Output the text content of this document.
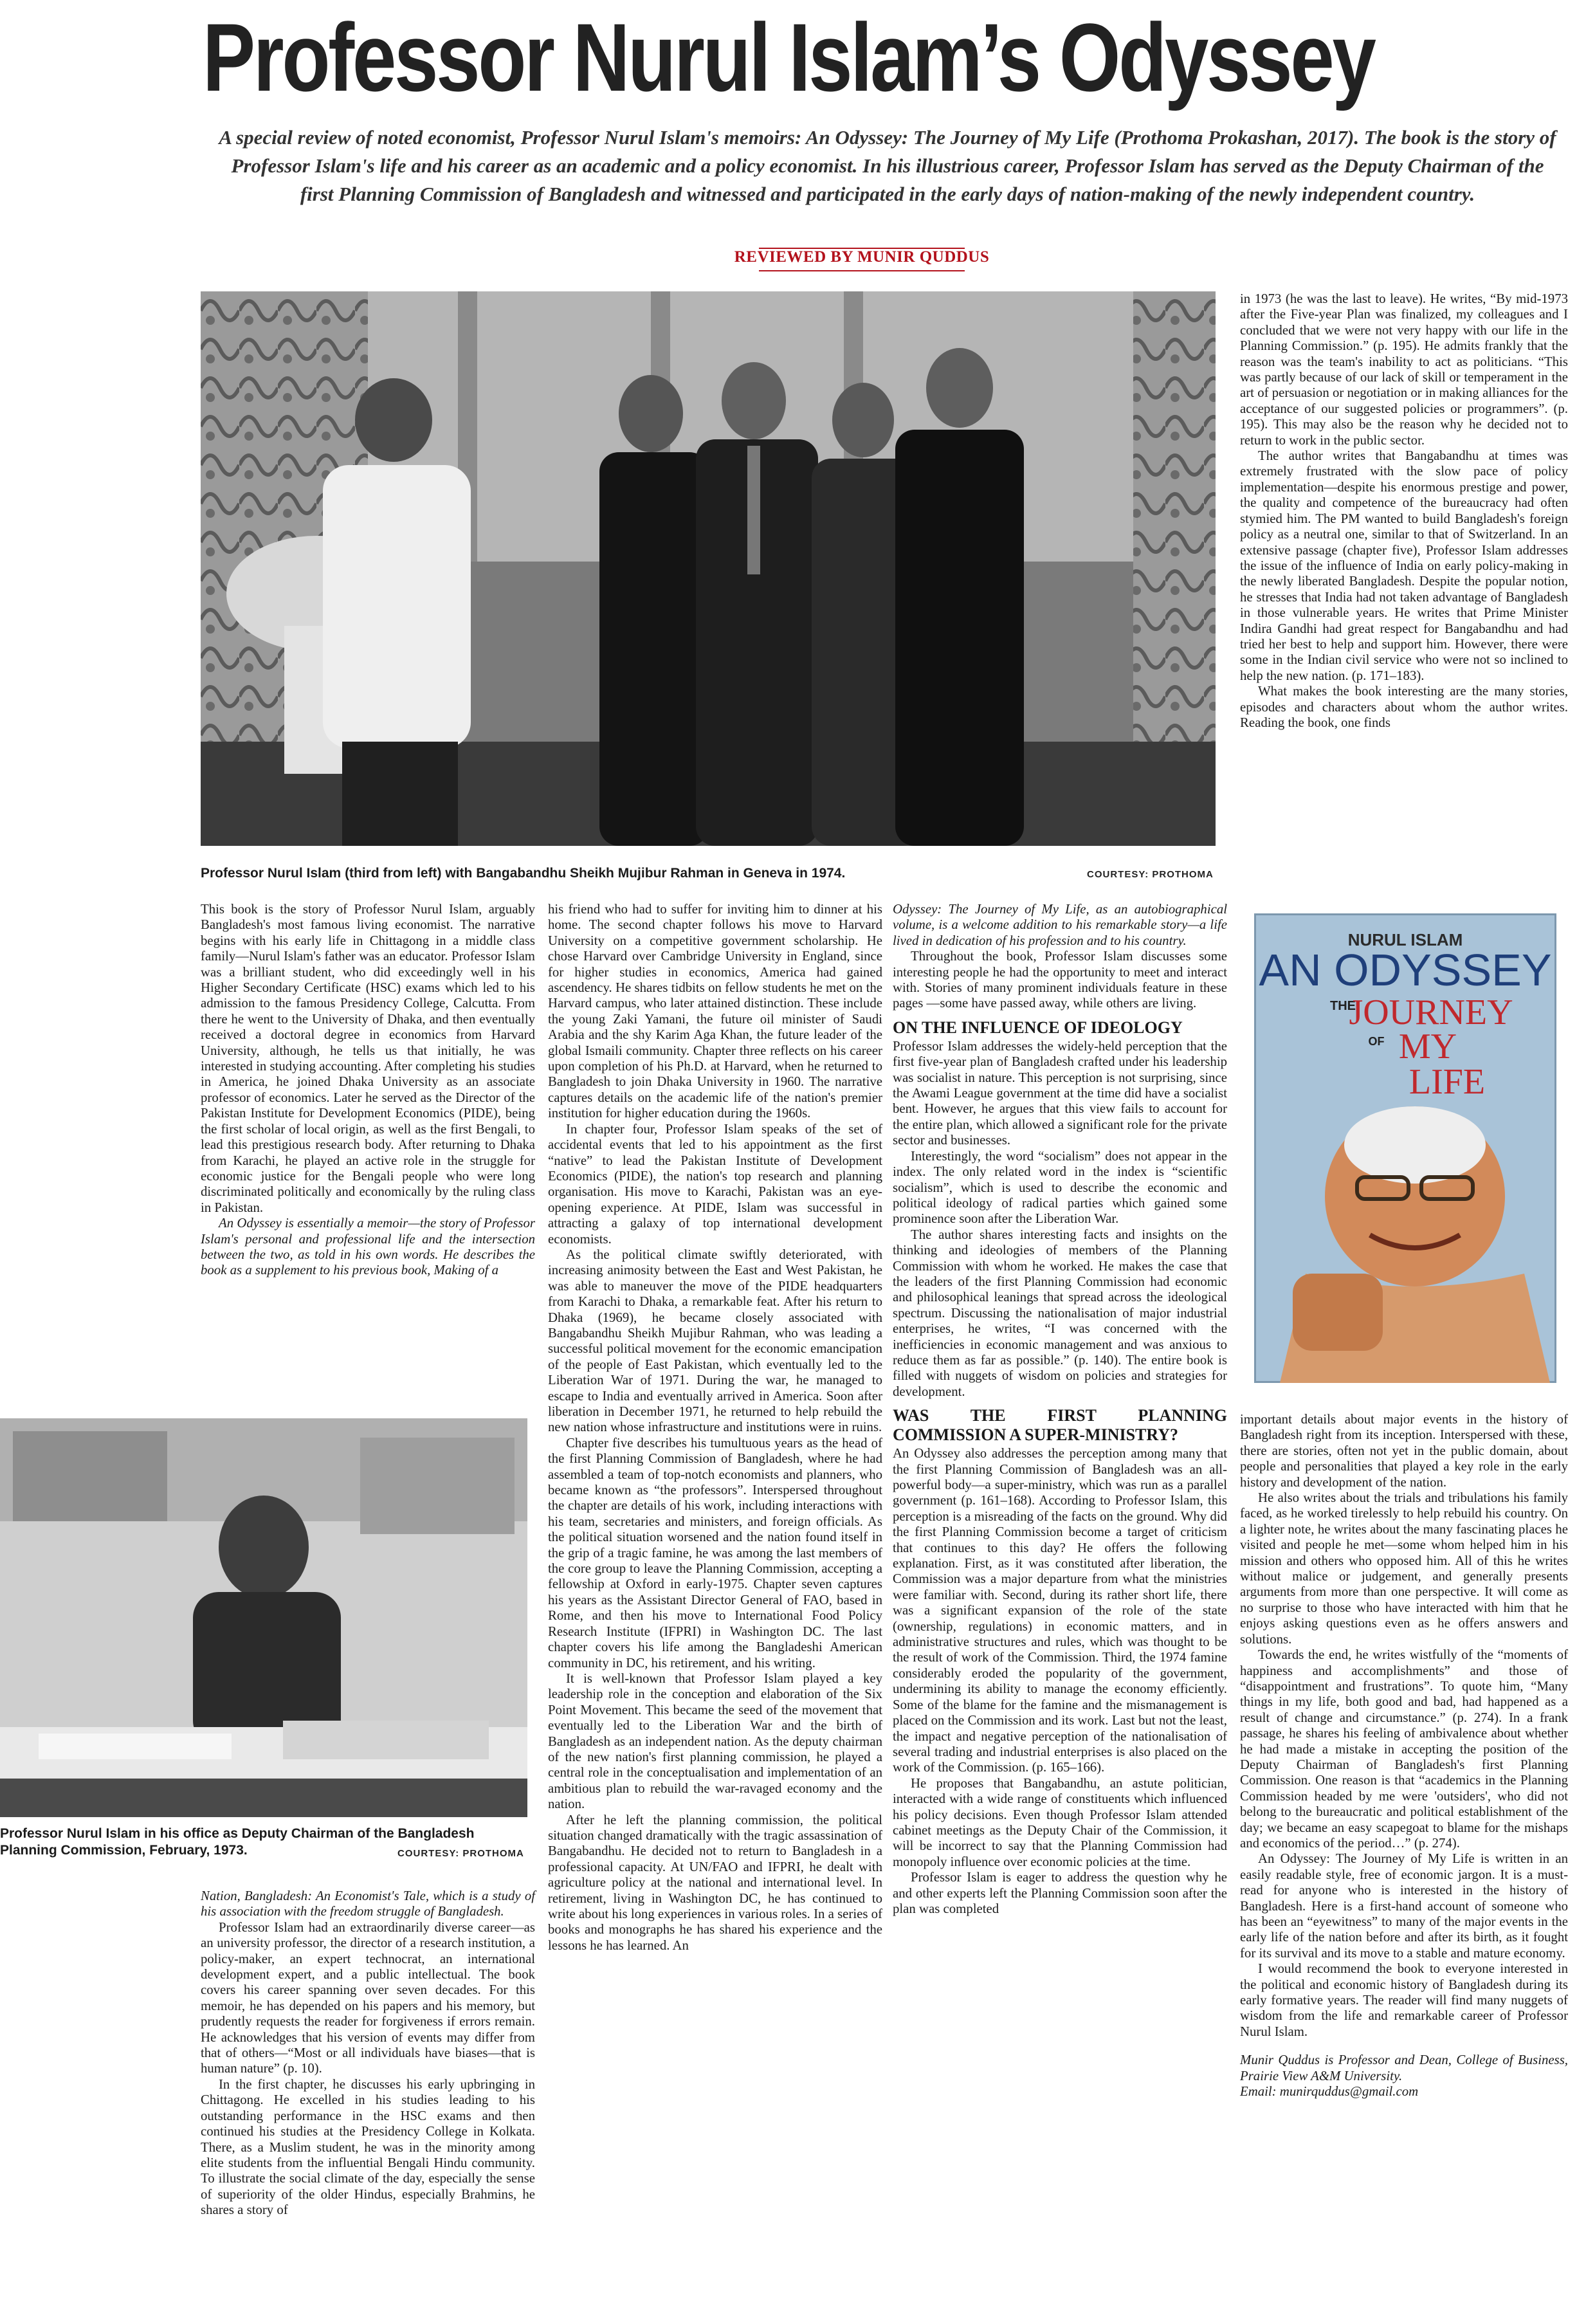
Professor Nurul Islam’s Odyssey
A special review of noted economist, Professor Nurul Islam's memoirs: An Odyssey: The Journey of My Life (Prothoma Prokashan, 2017). The book is the story of Professor Islam's life and his career as an academic and a policy economist. In his illustrious career, Professor Islam has served as the Deputy Chairman of the first Planning Commission of Bangladesh and witnessed and participated in the early days of nation-making of the newly independent country.
REVIEWED BY MUNIR QUDDUS
Professor Nurul Islam (third from left) with Bangabandhu Sheikh Mujibur Rahman in Geneva in 1974.	COURTESY: PROTHOMA

This book is the story of Professor Nurul Islam, arguably Bangladesh's most famous living economist. The narrative begins with his early life in Chittagong in a middle class family—Nurul Islam's father was an educator. Professor Islam was a brilliant student, who did exceedingly well in his Higher Secondary Certificate (HSC) exams which led to his admission to the famous Presidency College, Calcutta. From there he went to the University of Dhaka, and then eventually received a doctoral degree in economics from Harvard University, although, he tells us that initially, he was interested in studying accounting. After completing his studies in America, he joined Dhaka University as an associate professor of economics. Later he served as the Director of the Pakistan Institute for Development Economics (PIDE), being the first scholar of local origin, as well as the first Bengali, to lead this prestigious research body. After returning to Dhaka from Karachi, he played an active role in the struggle for economic justice for the Bengali people who were long discriminated politically and economically by the ruling class in Pakistan.

An Odyssey is essentially a memoir—the story of Professor Islam's personal and professional life and the intersection between the two, as told in his own words. He describes the book as a supplement to his previous book, Making of a

Professor Nurul Islam in his office as Deputy Chairman of the Bangladesh Planning Commission, February, 1973.	COURTESY: PROTHOMA

Nation, Bangladesh: An Economist's Tale, which is a study of his association with the freedom struggle of Bangladesh.

Professor Islam had an extraordinarily diverse career—as an university professor, the director of a research institution, a policy-maker, an expert technocrat, an international development expert, and a public intellectual. The book covers his career spanning over seven decades. For this memoir, he has depended on his papers and his memory, but prudently requests the reader for forgiveness if errors remain. He acknowledges that his version of events may differ from that of others—“Most or all individuals have biases—that is human nature” (p. 10).

In the first chapter, he discusses his early upbringing in Chittagong. He excelled in his studies leading to his outstanding performance in the HSC exams and then continued his studies at the Presidency College in Kolkata. There, as a Muslim student, he was in the minority among elite students from the influential Bengali Hindu community. To illustrate the social climate of the day, especially the sense of superiority of the older Hindus, especially Brahmins, he shares a story of

his friend who had to suffer for inviting him to dinner at his home. The second chapter follows his move to Harvard University on a competitive government scholarship. He chose Harvard over Cambridge University in England, since for higher studies in economics, America had gained ascendency. He shares tidbits on fellow students he met on the Harvard campus, who later attained distinction. These include the young Zaki Yamani, the future oil minister of Saudi Arabia and the shy Karim Aga Khan, the future leader of the global Ismaili community. Chapter three reflects on his career upon completion of his Ph.D. at Harvard, when he returned to Bangladesh to join Dhaka University in 1960. The narrative captures details on the academic life of the nation's premier institution for higher education during the 1960s.

In chapter four, Professor Islam speaks of the set of accidental events that led to his appointment as the first “native” to lead the Pakistan Institute of Development Economics (PIDE), the nation's top research and planning organisation. His move to Karachi, Pakistan was an eye-opening experience. At PIDE, Islam was successful in attracting a galaxy of top international development economists.

As the political climate swiftly deteriorated, with increasing animosity between the East and West Pakistan, he was able to maneuver the move of the PIDE headquarters from Karachi to Dhaka, a remarkable feat. After his return to Dhaka (1969), he became closely associated with Bangabandhu Sheikh Mujibur Rahman, who was leading a successful political movement for the economic emancipation of the people of East Pakistan, which eventually led to the Liberation War of 1971. During the war, he managed to escape to India and eventually arrived in America. Soon after liberation in December 1971, he returned to help rebuild the new nation whose infrastructure and institutions were in ruins.

Chapter five describes his tumultuous years as the head of the first Planning Commission of Bangladesh, where he had assembled a team of top-notch economists and planners, who became known as “the professors”. Interspersed throughout the chapter are details of his work, including interactions with his team, secretaries and ministers, and foreign officials. As the political situation worsened and the nation found itself in the grip of a tragic famine, he was among the last members of the core group to leave the Planning Commission, accepting a fellowship at Oxford in early-1975. Chapter seven captures his years as the Assistant Director General of FAO, based in Rome, and then his move to International Food Policy Research Institute (IFPRI) in Washington DC. The last chapter covers his life among the Bangladeshi American community in DC, his retirement, and his writing.

It is well-known that Professor Islam played a key leadership role in the conception and elaboration of the Six Point Movement. This became the seed of the movement that eventually led to the Liberation War and the birth of Bangladesh as an independent nation. As the deputy chairman of the new nation's first planning commission, he played a central role in the conceptualisation and implementation of an ambitious plan to rebuild the war-ravaged economy and the nation.

After he left the planning commission, the political situation changed dramatically with the tragic assassination of Bangabandhu. He decided not to return to Bangladesh in a professional capacity. At UN/FAO and IFPRI, he dealt with agriculture policy at the national and international level. In retirement, living in Washington DC, he has continued to write about his long experiences in various roles. In a series of books and monographs he has shared his experience and the lessons he has learned. An

Odyssey: The Journey of My Life, as an autobiographical volume, is a welcome addition to his remarkable story—a life lived in dedication of his profession and to his country.

Throughout the book, Professor Islam discusses some interesting people he had the opportunity to meet and interact with. Stories of many prominent individuals feature in these pages —some have passed away, while others are living.

ON THE INFLUENCE OF IDEOLOGY

Professor Islam addresses the widely-held perception that the first five-year plan of Bangladesh crafted under his leadership was socialist in nature. This perception is not surprising, since the Awami League government at the time did have a socialist bent. However, he argues that this view fails to account for the entire plan, which allowed a significant role for the private sector and businesses.

Interestingly, the word “socialism” does not appear in the index. The only related word in the index is “scientific socialism”, which is used to describe the economic and political ideology of radical parties which gained some prominence soon after the Liberation War.

The author shares interesting facts and insights on the thinking and ideologies of members of the Planning Commission with whom he worked. He makes the case that the leaders of the first Planning Commission had economic and philosophical leanings that spread across the ideological spectrum. Discussing the nationalisation of major industrial enterprises, he writes, “I was concerned with the inefficiencies in economic management and was anxious to reduce them as far as possible.” (p. 140). The entire book is filled with nuggets of wisdom on policies and strategies for development.

WAS THE FIRST PLANNING COMMISSION A SUPER-MINISTRY?

An Odyssey also addresses the perception among many that the first Planning Commission of Bangladesh was an all-powerful body—a super-ministry, which was run as a parallel government (p. 161–168). According to Professor Islam, this perception is a misreading of the facts on the ground. Why did the first Planning Commission become a target of criticism that continues to this day? He offers the following explanation. First, as it was constituted after liberation, the Commission was a major departure from what the ministries were familiar with. Second, during its rather short life, there was a significant expansion of the role of the state (ownership, regulations) in economic matters, and in administrative structures and rules, which was thought to be the result of work of the Commission. Third, the 1974 famine considerably eroded the popularity of the government, undermining its ability to manage the economy efficiently. Some of the blame for the famine and the mismanagement is placed on the Commission and its work. Last but not the least, the impact and negative perception of the nationalisation of several trading and industrial enterprises is also placed on the work of the Commission. (p. 165–166).

He proposes that Bangabandhu, an astute politician, interacted with a wide range of constituents which influenced his policy decisions. Even though Professor Islam attended cabinet meetings as the Deputy Chair of the Commission, it will be incorrect to say that the Planning Commission had monopoly influence over economic policies at the time.

Professor Islam is eager to address the question why he and other experts left the Planning Commission soon after the plan was completed

in 1973 (he was the last to leave). He writes, “By mid-1973 after the Five-year Plan was finalized, my colleagues and I concluded that we were not very happy with our life in the Planning Commission.” (p. 195). He admits frankly that the reason was the team's inability to act as politicians. “This was partly because of our lack of skill or temperament in the art of persuasion or negotiation or in making alliances for the acceptance of our suggested policies or programmers”. (p. 195). This may also be the reason why he decided not to return to work in the public sector.

The author writes that Bangabandhu at times was extremely frustrated with the slow pace of policy implementation—despite his enormous prestige and power, the quality and competence of the bureaucracy had often stymied him. The PM wanted to build Bangladesh's foreign policy as a neutral one, similar to that of Switzerland. In an extensive passage (chapter five), Professor Islam addresses the issue of the influence of India on early policy-making in the newly liberated Bangladesh. Despite the popular notion, he stresses that India had not taken advantage of Bangladesh in those vulnerable years. He writes that Prime Minister Indira Gandhi had great respect for Bangabandhu and had tried her best to help and support him. However, there were some in the Indian civil service who were not so inclined to help the new nation. (p. 171–183).

What makes the book interesting are the many stories, episodes and characters about whom the author writes. Reading the book, one finds

NURUL ISLAM
AN ODYSSEY
THE
JOURNEY
OF MY
LIFE

important details about major events in the history of Bangladesh right from its inception. Interspersed with these, there are stories, often not yet in the public domain, about people and personalities that played a key role in the early history and development of the nation.

He also writes about the trials and tribulations his family faced, as he worked tirelessly to help rebuild his country. On a lighter note, he writes about the many fascinating places he visited and people he met—some whom helped him in his mission and others who opposed him. All of this he writes without malice or judgement, and generally presents arguments from more than one perspective. It will come as no surprise to those who have interacted with him that he enjoys asking questions even as he offers answers and solutions.

Towards the end, he writes wistfully of the “moments of happiness and accomplishments” and those of “disappointment and frustrations”. To quote him, “Many things in my life, both good and bad, had happened as a result of change and circumstance.” (p. 274). In a frank passage, he shares his feeling of ambivalence about whether he had made a mistake in accepting the position of the Deputy Chairman of Bangladesh's first Planning Commission. One reason is that “academics in the Planning Commission headed by me were 'outsiders', who did not belong to the bureaucratic and political establishment of the day; we became an easy scapegoat to blame for the mishaps and economics of the period…” (p. 274).

An Odyssey: The Journey of My Life is written in an easily readable style, free of economic jargon. It is a must-read for anyone who is interested in the history of Bangladesh. Here is a first-hand account of someone who has been an “eyewitness” to many of the major events in the early life of the nation before and after its birth, as it fought for its survival and its move to a stable and mature economy.

I would recommend the book to everyone interested in the political and economic history of Bangladesh during its early formative years. The reader will find many nuggets of wisdom from the life and remarkable career of Professor Nurul Islam.

Munir Quddus is Professor and Dean, College of Business, Prairie View A&M University.

Email: munirquddus@gmail.com
